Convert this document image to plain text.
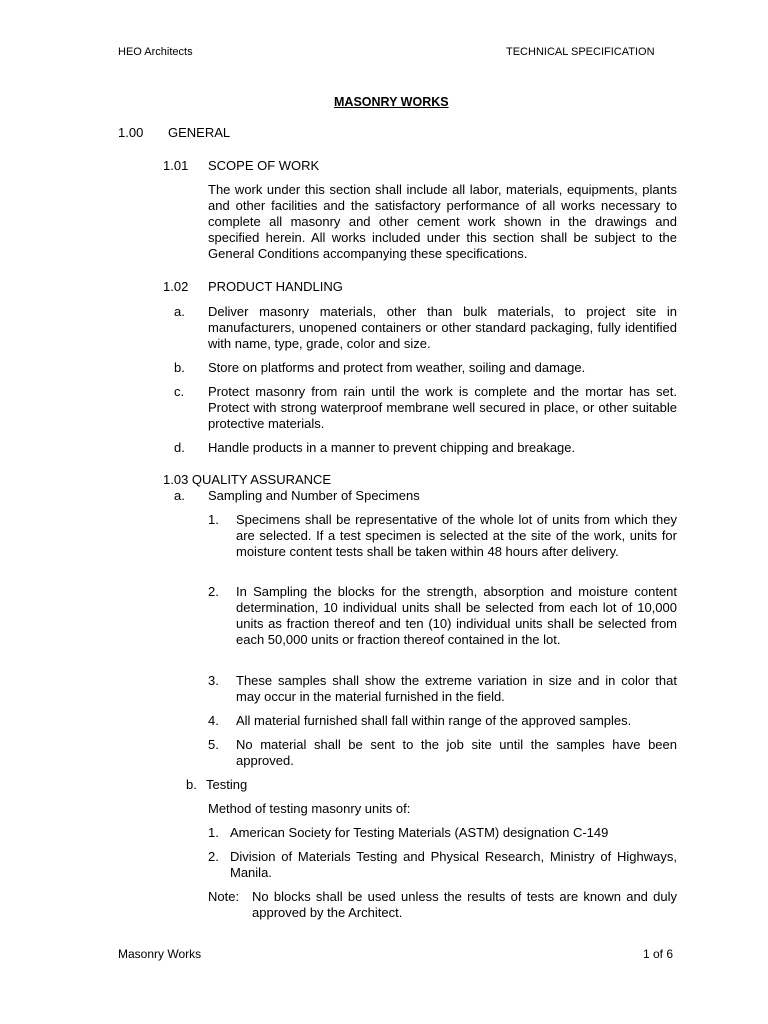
HEO Architects	TECHNICAL SPECIFICATION
MASONRY WORKS
1.00 GENERAL
1.01 SCOPE OF WORK
The work under this section shall include all labor, materials, equipments, plants and other facilities and the satisfactory performance of all works necessary to complete all masonry and other cement work shown in the drawings and specified herein. All works included under this section shall be subject to the General Conditions accompanying these specifications.
1.02 PRODUCT HANDLING
a. Deliver masonry materials, other than bulk materials, to project site in manufacturers, unopened containers or other standard packaging, fully identified with name, type, grade, color and size.
b. Store on platforms and protect from weather, soiling and damage.
c. Protect masonry from rain until the work is complete and the mortar has set. Protect with strong waterproof membrane well secured in place, or other suitable protective materials.
d. Handle products in a manner to prevent chipping and breakage.
1.03 QUALITY ASSURANCE
a. Sampling and Number of Specimens
1. Specimens shall be representative of the whole lot of units from which they are selected. If a test specimen is selected at the site of the work, units for moisture content tests shall be taken within 48 hours after delivery.
2. In Sampling the blocks for the strength, absorption and moisture content determination, 10 individual units shall be selected from each lot of 10,000 units as fraction thereof and ten (10) individual units shall be selected from each 50,000 units or fraction thereof contained in the lot.
3. These samples shall show the extreme variation in size and in color that may occur in the material furnished in the field.
4. All material furnished shall fall within range of the approved samples.
5. No material shall be sent to the job site until the samples have been approved.
b. Testing
Method of testing masonry units of:
1. American Society for Testing Materials (ASTM) designation C-149
2. Division of Materials Testing and Physical Research, Ministry of Highways, Manila.
Note: No blocks shall be used unless the results of tests are known and duly approved by the Architect.
Masonry Works	1 of 6
